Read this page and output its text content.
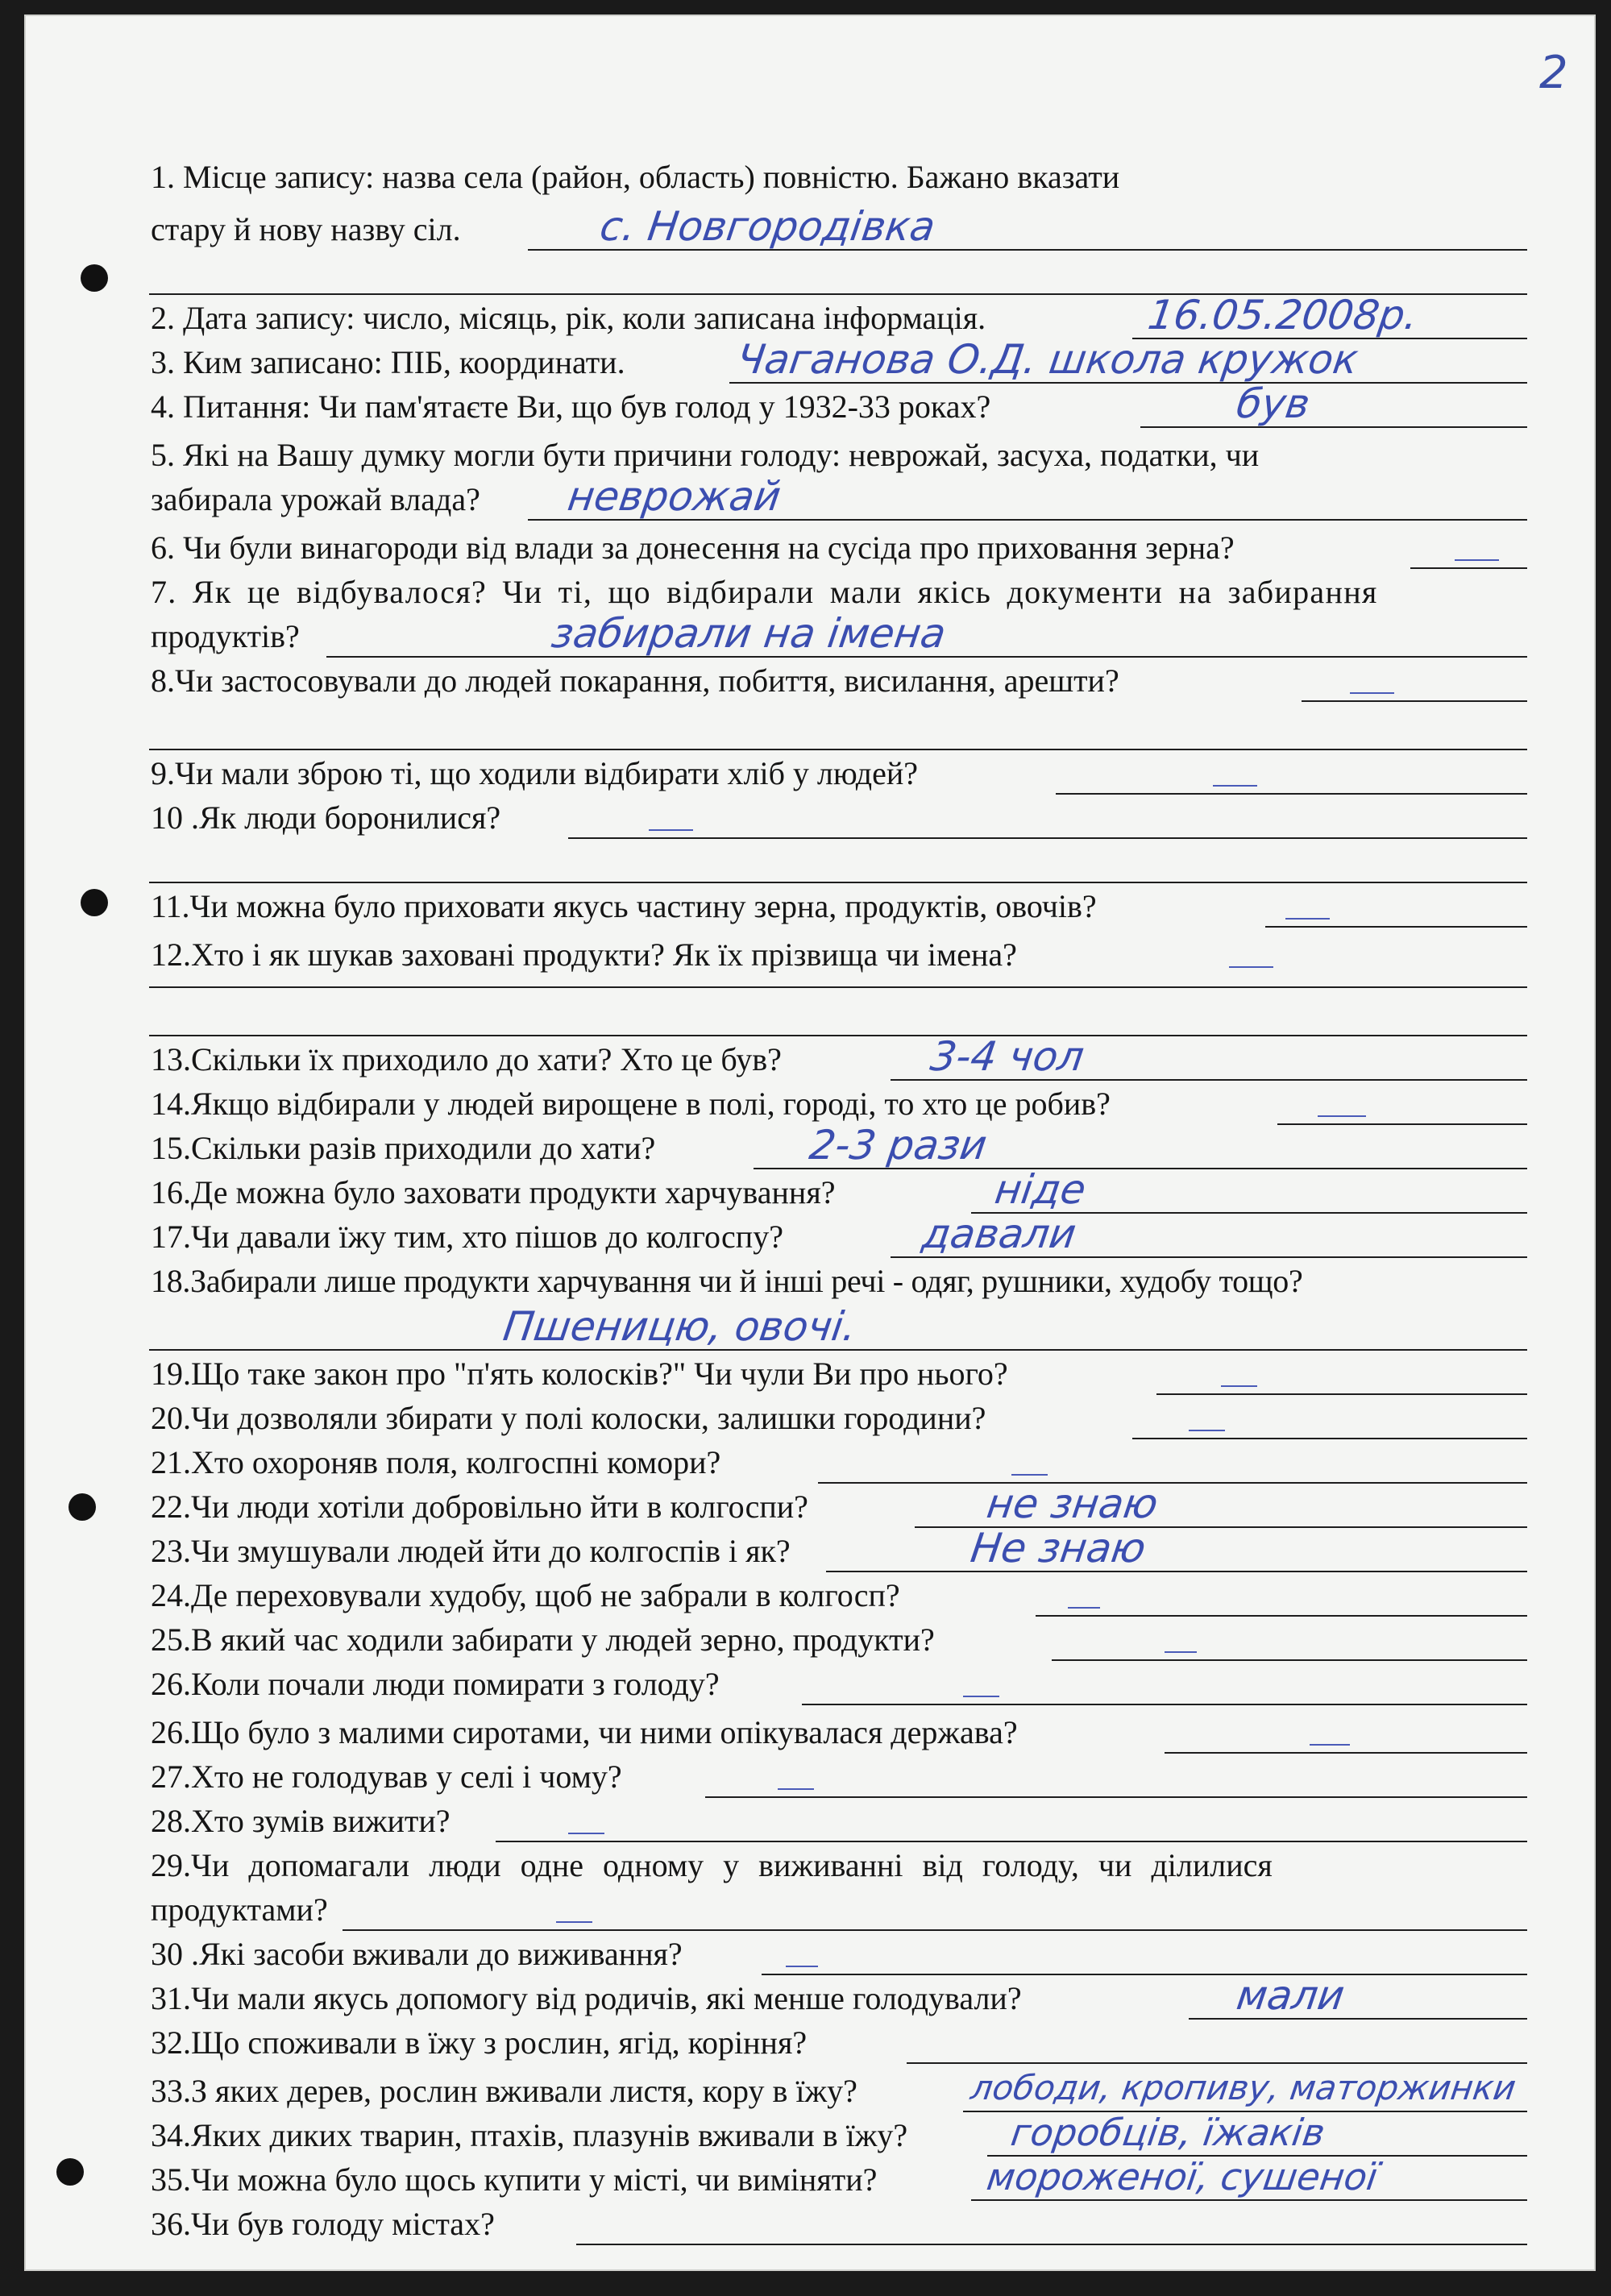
2
1. Місце запису: назва села (район, область) повністю. Бажано вказати
стару й нову назву сіл.	с. Новгородівка
2. Дата запису: число, місяць, рік, коли записана інформація.	16.05.2008р.
3. Ким записано: ПІБ, координати.	Чаганова О.Д. школа кружок
4. Питання: Чи пам'ятаєте Ви, що був голод у 1932-33 роках?	був
5. Які на Вашу думку могли бути причини голоду: неврожай, засуха, податки, чи
забирала урожай влада? неврожай
6. Чи були винагороди від влади за донесення на сусіда про приховання зерна?
7. Як це відбувалося? Чи ті, що відбирали мали якісь документи на забирання
продуктів?	забирали на імена
8.Чи застосовували до людей покарання, побиття, висилання, арешти?
9.Чи мали зброю ті, що ходили відбирати хліб у людей?
10 .Як люди боронилися?
11.Чи можна було приховати якусь частину зерна, продуктів, овочів?
12.Хто і як шукав заховані продукти? Як їх прізвища чи імена?
13.Скільки їх приходило до хати? Хто це був?	3-4 чол
14.Якщо відбирали у людей вирощене в полі, городі, то хто це робив?
15.Скільки разів приходили до хати?	2-3 рази
16.Де можна було заховати продукти харчування?	ніде
17.Чи давали їжу тим, хто пішов до колгоспу?	давали
18.Забирали лише продукти харчування чи й інші речі - одяг, рушники, худобу тощо?
Пшеницю, овочі.
19.Що таке закон про "п'ять колосків?" Чи чули Ви про нього?
20.Чи дозволяли збирати у полі колоски, залишки городини?
21.Хто охороняв поля, колгоспні комори?
22.Чи люди хотіли добровільно йти в колгоспи?	не знаю
23.Чи змушували людей йти до колгоспів і як?	Не знаю
24.Де переховували худобу, щоб не забрали в колгосп?
25.В який час ходили забирати у людей зерно, продукти?
26.Коли почали люди помирати з голоду?
26.Що було з малими сиротами, чи ними опікувалася держава?
27.Хто не голодував у селі і чому?
28.Хто зумів вижити?
29.Чи допомагали люди одне одному у виживанні від голоду, чи ділилися
продуктами?
30 .Які засоби вживали до виживання?
31.Чи мали якусь допомогу від родичів, які менше голодували?	мали
32.Що споживали в їжу з рослин, ягід, коріння?
33.З яких дерев, рослин вживали листя, кору в їжу?	лободи, кропиву, маторжинки
34.Яких диких тварин, птахів, плазунів вживали в їжу?	горобців, їжаків
35.Чи можна було щось купити у місті, чи виміняти?	мороженої, сушеної
36.Чи був голоду містах?
